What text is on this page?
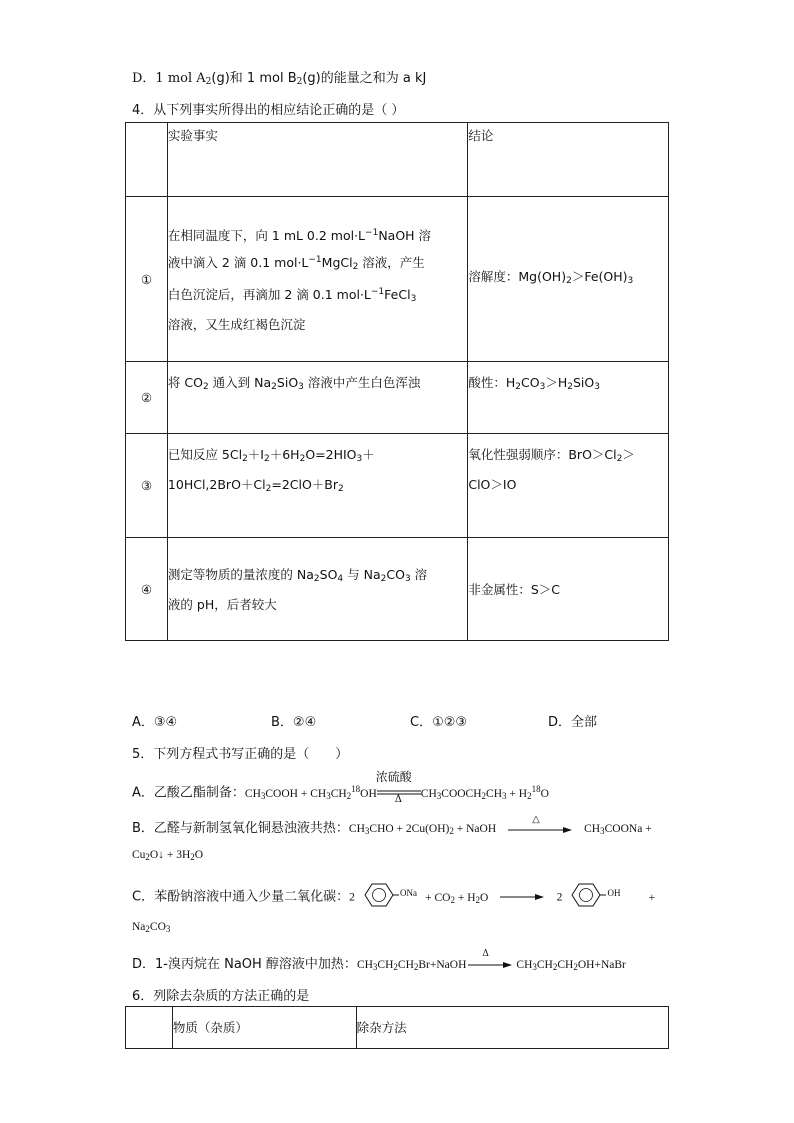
D．1 mol $A_2(g)$和 1 mol $B_2(g)$的能量之和为 a kJ
4．从下列事实所得出的相应结论正确的是（ ）
	实验事实	结论
①	在相同温度下，向 1 mL 0.2 $mol\cdot L^{-1}NaOH$ 溶
液中滴入 2 滴 0.1 $mol\cdot L^{-1}MgCl_2$ 溶液，产生
白色沉淀后，再滴加 2 滴 0.1 $mol\cdot L^{-1}FeCl_3$
溶液，又生成红褐色沉淀	溶解度：$Mg(OH)_2>Fe(OH)_3$
②	将 $CO_2$ 通入到 $Na_2SiO_3$ 溶液中产生白色浑浊	酸性：$H_2CO_3>H_2SiO_3$
③	已知反应 $5Cl_2+I_2+6H_2O=2HIO_3+$
$10HCl,2BrO+Cl_2=2ClO+Br_2$	氧化性强弱顺序：$BrO>Cl_2>$
ClO＞IO
④	测定等物质的量浓度的 $Na_2SO_4$ 与 $Na_2CO_3$ 溶
液的 pH，后者较大	非金属性：S＞C
A．③④	B．②④	C．①②③	D．全部
5．下列方程式书写正确的是（　　）
A．乙酸乙酯制备：$CH_3COOH + CH_3CH_2^{18}OH$
浓硫酸
Δ $CH_3COOCH_2CH_3 + H_2^{18}O$
B．乙醛与新制氢氧化铜悬浊液共热：$CH_3CHO + 2Cu(OH)_2$ + NaOH
△
$CH_3COONa$ +
$Cu_2O↓ + 3H_2O$
C．苯酚钠溶液中通入少量二氧化碳：2	ONa + $CO_2 + H_2O \to 2$	OH +
$Na_2CO_3$
D．1-溴丙烷在 NaOH 醇溶液中加热：$CH_3CH_2CH_2Br+NaOH$
Δ
$CH_3CH_2CH_2OH+NaBr$
6．列除去杂质的方法正确的是
	物质（杂质）	除杂方法
